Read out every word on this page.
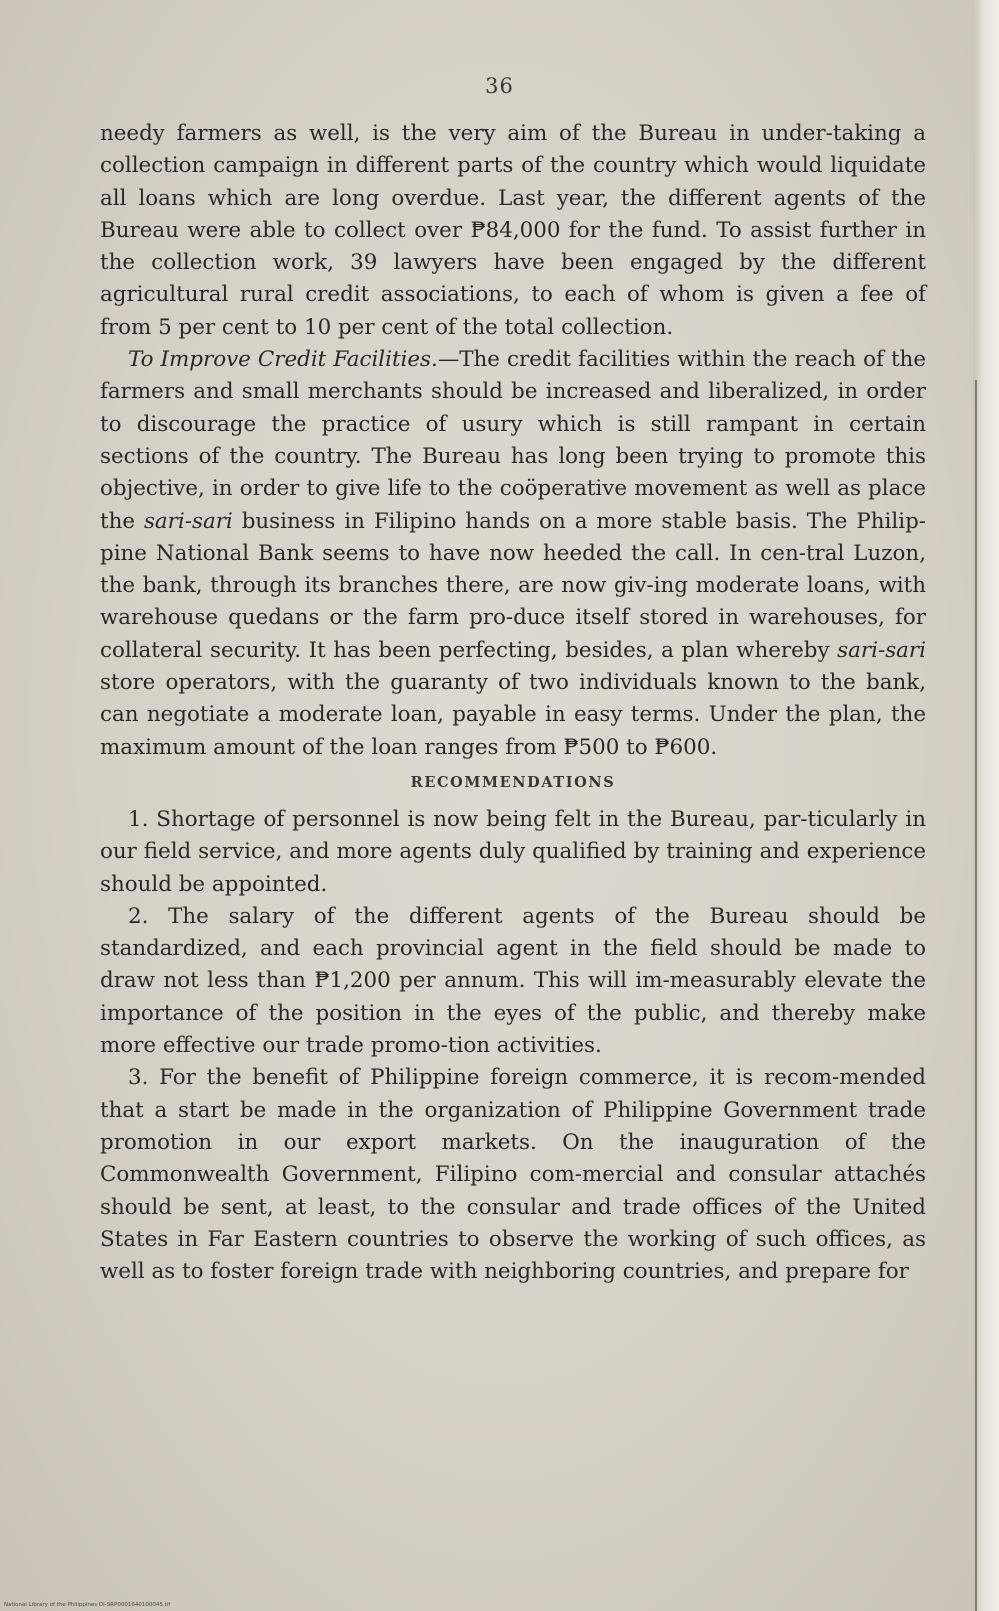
36

needy farmers as well, is the very aim of the Bureau in under-taking a collection campaign in different parts of the country which would liquidate all loans which are long overdue. Last year, the different agents of the Bureau were able to collect over ₱84,000 for the fund. To assist further in the collection work, 39 lawyers have been engaged by the different agricultural rural credit associations, to each of whom is given a fee of from 5 per cent to 10 per cent of the total collection.

To Improve Credit Facilities.—The credit facilities within the reach of the farmers and small merchants should be increased and liberalized, in order to discourage the practice of usury which is still rampant in certain sections of the country. The Bureau has long been trying to promote this objective, in order to give life to the coöperative movement as well as place the sari-sari business in Filipino hands on a more stable basis. The Philip-pine National Bank seems to have now heeded the call. In cen-tral Luzon, the bank, through its branches there, are now giv-ing moderate loans, with warehouse quedans or the farm pro-duce itself stored in warehouses, for collateral security. It has been perfecting, besides, a plan whereby sari-sari store operators, with the guaranty of two individuals known to the bank, can negotiate a moderate loan, payable in easy terms. Under the plan, the maximum amount of the loan ranges from ₱500 to ₱600.

RECOMMENDATIONS

1. Shortage of personnel is now being felt in the Bureau, par-ticularly in our field service, and more agents duly qualified by training and experience should be appointed.

2. The salary of the different agents of the Bureau should be standardized, and each provincial agent in the field should be made to draw not less than ₱1,200 per annum. This will im-measurably elevate the importance of the position in the eyes of the public, and thereby make more effective our trade promo-tion activities.

3. For the benefit of Philippine foreign commerce, it is recom-mended that a start be made in the organization of Philippine Government trade promotion in our export markets. On the inauguration of the Commonwealth Government, Filipino com-mercial and consular attachés should be sent, at least, to the consular and trade offices of the United States in Far Eastern countries to observe the working of such offices, as well as to foster foreign trade with neighboring countries, and prepare for

National Library of the Philippines DI-SRP0001640100045.tif
